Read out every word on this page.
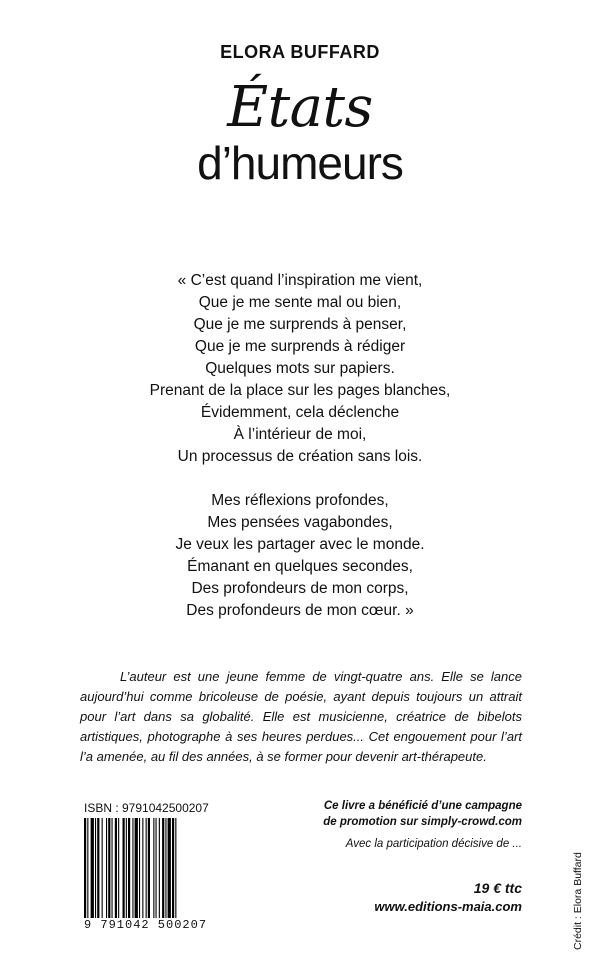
ELORA BUFFARD
États
d’humeurs
« C’est quand l’inspiration me vient,
Que je me sente mal ou bien,
Que je me surprends à penser,
Que je me surprends à rédiger
Quelques mots sur papiers.
Prenant de la place sur les pages blanches,
Évidemment, cela déclenche
À l’intérieur de moi,
Un processus de création sans lois.
Mes réflexions profondes,
Mes pensées vagabondes,
Je veux les partager avec le monde.
Émanant en quelques secondes,
Des profondeurs de mon corps,
Des profondeurs de mon cœur. »

L’auteur est une jeune femme de vingt-quatre ans. Elle se lance aujourd’hui comme bricoleuse de poésie, ayant depuis toujours un attrait pour l’art dans sa globalité. Elle est musicienne, créatrice de bibelots artistiques, photographe à ses heures perdues... Cet engouement pour l’art l’a amenée, au fil des années, à se former pour devenir art-thérapeute.

ISBN : 9791042500207
9 791042 500207
Ce livre a bénéficié d’une campagne
de promotion sur simply-crowd.com
Avec la participation décisive de ...
19 € ttc
www.editions-maia.com	Crédit : Elora Buffard
